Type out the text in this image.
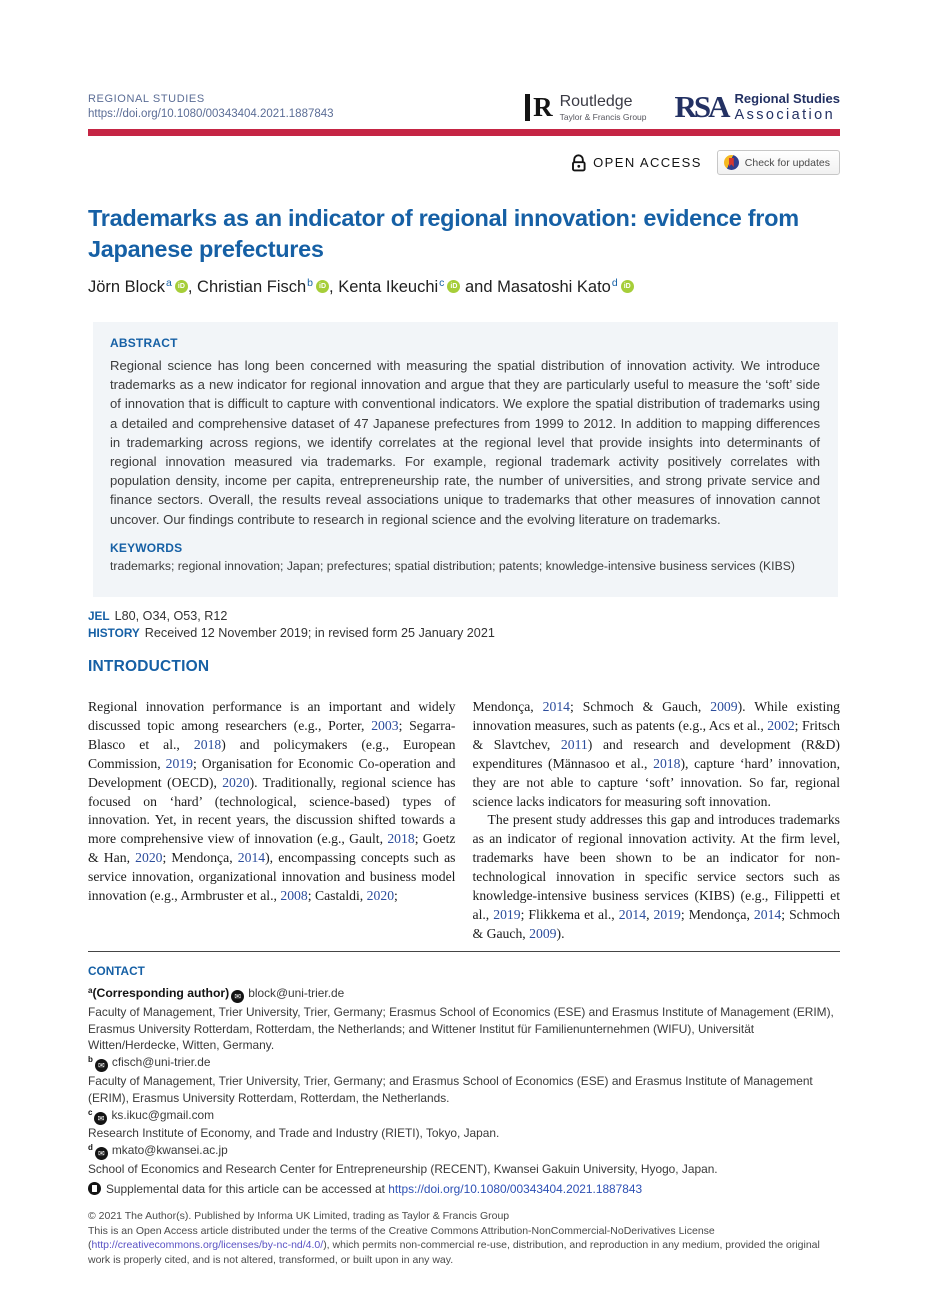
REGIONAL STUDIES
https://doi.org/10.1080/00343404.2021.1887843	R Routledge
Taylor & Francis Group RSA Regional Studies
Association
OPEN ACCESS	Check for updates
Trademarks as an indicator of regional innovation: evidence from Japanese prefectures
Jörn Block$^a$ iD , Christian Fisch$^b$ iD , Kenta Ikeuchi$^c$ iD and Masatoshi Kato$^d$ iD
ABSTRACT
Regional science has long been concerned with measuring the spatial distribution of innovation activity. We introduce trademarks as a new indicator for regional innovation and argue that they are particularly useful to measure the ‘soft’ side of innovation that is difficult to capture with conventional indicators. We explore the spatial distribution of trademarks using a detailed and comprehensive dataset of 47 Japanese prefectures from 1999 to 2012. In addition to mapping differences in trademarking across regions, we identify correlates at the regional level that provide insights into determinants of regional innovation measured via trademarks. For example, regional trademark activity positively correlates with population density, income per capita, entrepreneurship rate, the number of universities, and strong private service and finance sectors. Overall, the results reveal associations unique to trademarks that other measures of innovation cannot uncover. Our findings contribute to research in regional science and the evolving literature on trademarks.
KEYWORDS
trademarks; regional innovation; Japan; prefectures; spatial distribution; patents; knowledge-intensive business services (KIBS)
JEL L80, O34, O53, R12
HISTORY Received 12 November 2019; in revised form 25 January 2021
INTRODUCTION

Regional innovation performance is an important and widely discussed topic among researchers (e.g., Porter, 2003; Segarra-Blasco et al., 2018) and policymakers (e.g., European Commission, 2019; Organisation for Economic Co-operation and Development (OECD), 2020). Traditionally, regional science has focused on ‘hard’ (technological, science-based) types of innovation. Yet, in recent years, the discussion shifted towards a more comprehensive view of innovation (e.g., Gault, 2018; Goetz & Han, 2020; Mendonça, 2014), encompassing concepts such as service innovation, organizational innovation and business model innovation (e.g., Armbruster et al., 2008; Castaldi, 2020;

Mendonça, 2014; Schmoch & Gauch, 2009). While existing innovation measures, such as patents (e.g., Acs et al., 2002; Fritsch & Slavtchev, 2011) and research and development (R&D) expenditures (Männasoo et al., 2018), capture ‘hard’ innovation, they are not able to capture ‘soft’ innovation. So far, regional science lacks indicators for measuring soft innovation.

The present study addresses this gap and introduces trademarks as an indicator of regional innovation activity. At the firm level, trademarks have been shown to be an indicator for non-technological innovation in specific service sectors such as knowledge-intensive business services (KIBS) (e.g., Filippetti et al., 2019; Flikkema et al., 2014, 2019; Mendonça, 2014; Schmoch & Gauch, 2009).

CONTACT
$^a$(Corresponding author) ✉ block@uni-trier.de
Faculty of Management, Trier University, Trier, Germany; Erasmus School of Economics (ESE) and Erasmus Institute of Management (ERIM), Erasmus University Rotterdam, Rotterdam, the Netherlands; and Wittener Institut für Familienunternehmen (WIFU), Universität Witten/Herdecke, Witten, Germany.
$^b$✉ cfisch@uni-trier.de
Faculty of Management, Trier University, Trier, Germany; and Erasmus School of Economics (ESE) and Erasmus Institute of Management (ERIM), Erasmus University Rotterdam, Rotterdam, the Netherlands.
$^c$✉ ks.ikuc@gmail.com
Research Institute of Economy, and Trade and Industry (RIETI), Tokyo, Japan.
$^d$✉ mkato@kwansei.ac.jp
School of Economics and Research Center for Entrepreneurship (RECENT), Kwansei Gakuin University, Hyogo, Japan.
Supplemental data for this article can be accessed at https://doi.org/10.1080/00343404.2021.1887843

© 2021 The Author(s). Published by Informa UK Limited, trading as Taylor & Francis Group

This is an Open Access article distributed under the terms of the Creative Commons Attribution-NonCommercial-NoDerivatives License (http://creativecommons.org/licenses/by-nc-nd/4.0/), which permits non-commercial re-use, distribution, and reproduction in any medium, provided the original work is properly cited, and is not altered, transformed, or built upon in any way.
